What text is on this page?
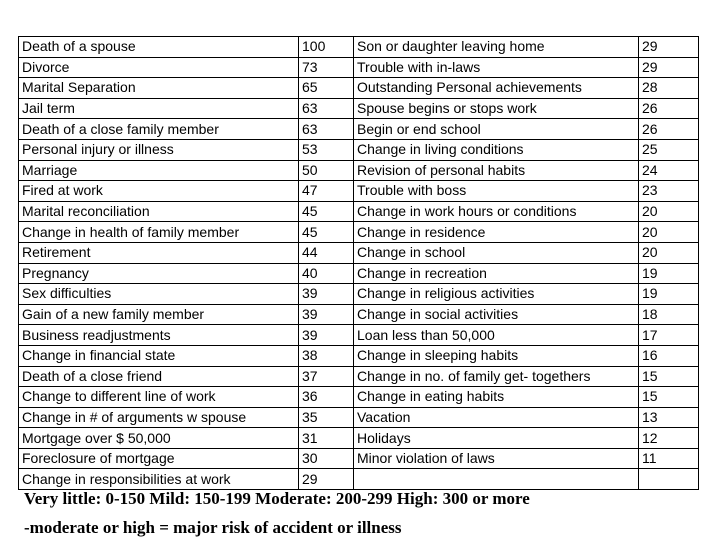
Death of a spouse	100	Son or daughter leaving home	29
Divorce	73	Trouble with in-laws	29
Marital Separation	65	Outstanding Personal achievements	28
Jail term	63	Spouse begins or stops work	26
Death of a close family member	63	Begin or end school	26
Personal injury or illness	53	Change in living conditions	25
Marriage	50	Revision of personal habits	24
Fired at work	47	Trouble with boss	23
Marital reconciliation	45	Change in work hours or conditions	20
Change in health of family member	45	Change in residence	20
Retirement	44	Change in school	20
Pregnancy	40	Change in recreation	19
Sex difficulties	39	Change in religious activities	19
Gain of a new family member	39	Change in social activities	18
Business readjustments	39	Loan less than 50,000	17
Change in financial state	38	Change in sleeping habits	16
Death of a close friend	37	Change in no. of family get- togethers	15
Change to different line of work	36	Change in eating habits	15
Change in # of arguments w spouse	35	Vacation	13
Mortgage over $ 50,000	31	Holidays	12
Foreclosure of mortgage	30	Minor violation of laws	11
Change in responsibilities at work	29		
Very little: 0-150 Mild: 150-199 Moderate: 200-299 High: 300 or more
-moderate or high = major risk of accident or illness
